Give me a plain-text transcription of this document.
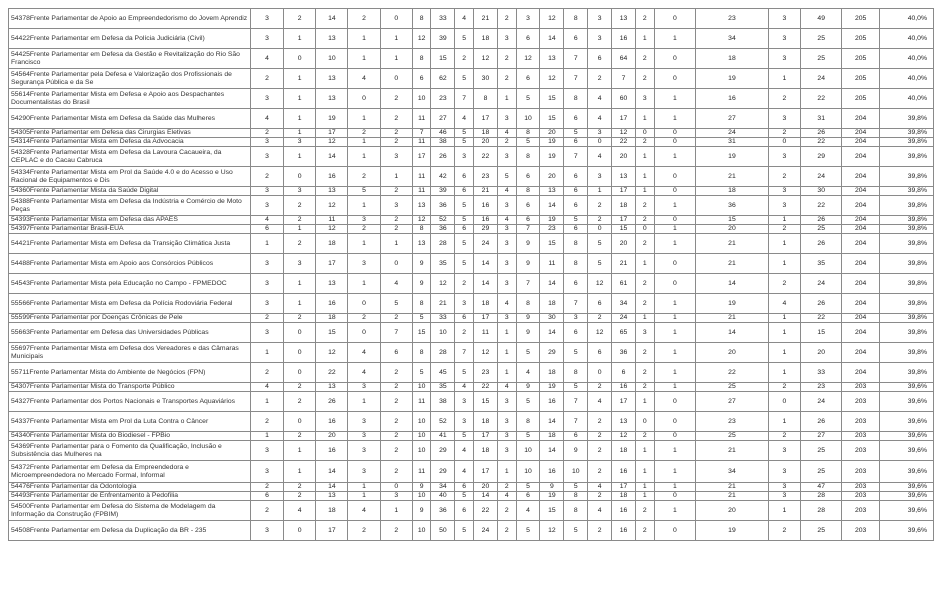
54378Frente Parlamentar de Apoio ao Empreendedorismo do Jovem Aprendiz	3	2	14	2	0	8	33	4	21	2	3	12	8	3	13	2	0	23	3	49	205	40,0%
54422Frente Parlamentar em Defesa da Polícia Judiciária (Civil)	3	1	13	1	1	12	39	5	18	3	6	14	6	3	16	1	1	34	3	25	205	40,0%
54425Frente Parlamentar em Defesa da Gestão e Revitalização do Rio São Francisco	4	0	10	1	1	8	15	2	12	2	12	13	7	6	64	2	0	18	3	25	205	40,0%
54564Frente Parlamentar pela Defesa e Valorização dos Profissionais de Segurança Pública e da Se	2	1	13	4	0	6	62	5	30	2	6	12	7	2	7	2	0	19	1	24	205	40,0%
55614Frente Parlamentar Mista em Defesa e Apoio aos Despachantes Documentalistas do Brasil	3	1	13	0	2	10	23	7	8	1	5	15	8	4	60	3	1	16	2	22	205	40,0%
54290Frente Parlamentar Mista em Defesa da Saúde das Mulheres	4	1	19	1	2	11	27	4	17	3	10	15	6	4	17	1	1	27	3	31	204	39,8%
54305Frente Parlamentar em Defesa das Cirurgias Eletivas	2	1	17	2	2	7	46	5	18	4	8	20	5	3	12	0	0	24	2	26	204	39,8%
54314Frente Parlamentar Mista em Defesa da Advocacia	3	3	12	1	2	11	38	5	20	2	5	19	6	0	22	2	0	31	0	22	204	39,8%
54328Frente Parlamentar Mista em Defesa da Lavoura Cacaueira, da CEPLAC e do Cacau Cabruca	3	1	14	1	3	17	26	3	22	3	8	19	7	4	20	1	1	19	3	29	204	39,8%
54334Frente Parlamentar Mista em Prol da Saúde 4.0 e do Acesso e Uso Racional de Equipamentos e Dis	2	0	16	2	1	11	42	6	23	5	6	20	6	3	13	1	0	21	2	24	204	39,8%
54360Frente Parlamentar Mista da Saúde Digital	3	3	13	5	2	11	39	6	21	4	8	13	6	1	17	1	0	18	3	30	204	39,8%
54388Frente Parlamentar Mista em Defesa da Indústria e Comércio de Moto Peças	3	2	12	1	3	13	36	5	16	3	6	14	6	2	18	2	1	36	3	22	204	39,8%
54393Frente Parlamentar Mista em Defesa das APAES	4	2	11	3	2	12	52	5	16	4	6	19	5	2	17	2	0	15	1	26	204	39,8%
54397Frente Parlamentar Brasil-EUA	6	1	12	2	2	8	36	6	29	3	7	23	6	0	15	0	1	20	2	25	204	39,8%
54421Frente Parlamentar Mista em Defesa da Transição Climática Justa	1	2	18	1	1	13	28	5	24	3	9	15	8	5	20	2	1	21	1	26	204	39,8%
54488Frente Parlamentar Mista em Apoio aos Consórcios Públicos	3	3	17	3	0	9	35	5	14	3	9	11	8	5	21	1	0	21	1	35	204	39,8%
54543Frente Parlamentar Mista pela Educação no Campo - FPMEDOC	3	1	13	1	4	9	12	2	14	3	7	14	6	12	61	2	0	14	2	24	204	39,8%
55566Frente Parlamentar Mista em Defesa da Polícia Rodoviária Federal	3	1	16	0	5	8	21	3	18	4	8	18	7	6	34	2	1	19	4	26	204	39,8%
55599Frente Parlamentar por Doenças Crônicas de Pele	2	2	18	2	2	5	33	6	17	3	9	30	3	2	24	1	1	21	1	22	204	39,8%
55663Frente Parlamentar em Defesa das Universidades Públicas	3	0	15	0	7	15	10	2	11	1	9	14	6	12	65	3	1	14	1	15	204	39,8%
55697Frente Parlamentar Mista em Defesa dos Vereadores e das Câmaras Municipais	1	0	12	4	6	8	28	7	12	1	5	29	5	6	36	2	1	20	1	20	204	39,8%
55711Frente Parlamentar Mista do Ambiente de Negócios (FPN)	2	0	22	4	2	5	45	5	23	1	4	18	8	0	6	2	1	22	1	33	204	39,8%
54307Frente Parlamentar Mista do Transporte Público	4	2	13	3	2	10	35	4	22	4	9	19	5	2	16	2	1	25	2	23	203	39,6%
54327Frente Parlamentar dos Portos Nacionais e Transportes Aquaviários	1	2	26	1	2	11	38	3	15	3	5	16	7	4	17	1	0	27	0	24	203	39,6%
54337Frente Parlamentar Mista em Prol da Luta Contra o Câncer	2	0	16	3	2	10	52	3	18	3	8	14	7	2	13	0	0	23	1	26	203	39,6%
54340Frente Parlamentar Mista do Biodiesel - FPBio	1	2	20	3	2	10	41	5	17	3	5	18	6	2	12	2	0	25	2	27	203	39,6%
54369Frente Parlamentar para o Fomento da Qualificação, Inclusão e Subsistência das Mulheres na	3	1	16	3	2	10	29	4	18	3	10	14	9	2	18	1	1	21	3	25	203	39,6%
54372Frente Parlamentar em Defesa da Empreendedora e Microempreendedora no Mercado Formal, Informal	3	1	14	3	2	11	29	4	17	1	10	16	10	2	16	1	1	34	3	25	203	39,6%
54476Frente Parlamentar da Odontologia	2	2	14	1	0	9	34	6	20	2	5	9	5	4	17	1	1	21	3	47	203	39,6%
54493Frente Parlamentar de Enfrentamento à Pedofilia	6	2	13	1	3	10	40	5	14	4	6	19	8	2	18	1	0	21	3	28	203	39,6%
54500Frente Parlamentar em Defesa do Sistema de Modelagem da Informação da Construção (FPBIM)	2	4	18	4	1	9	36	6	22	2	4	15	8	4	16	2	1	20	1	28	203	39,6%
54508Frente Parlamentar em Defesa da Duplicação da BR - 235	3	0	17	2	2	10	50	5	24	2	5	12	5	2	16	2	0	19	2	25	203	39,6%
